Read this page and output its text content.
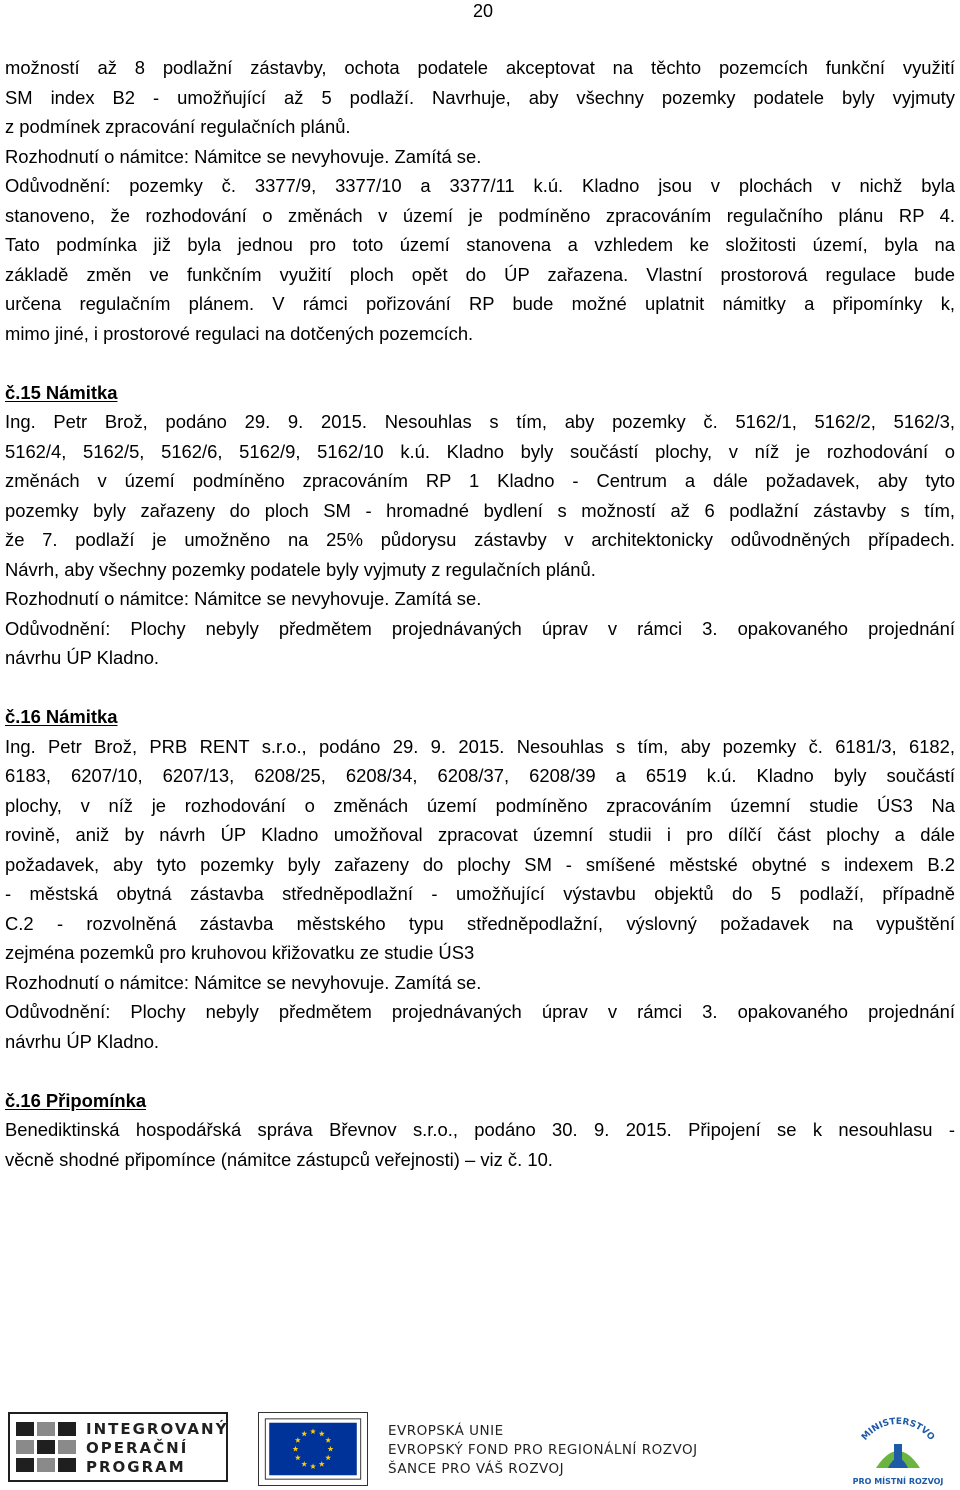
20
možností až 8 podlažní zástavby, ochota podatele akceptovat na těchto pozemcích funkční využití
SM index B2 - umožňující až 5 podlaží. Navrhuje, aby všechny pozemky podatele byly vyjmuty
z podmínek zpracování regulačních plánů.
Rozhodnutí o námitce: Námitce se nevyhovuje. Zamítá se.
Odůvodnění: pozemky č. 3377/9, 3377/10 a 3377/11 k.ú. Kladno jsou v plochách v nichž byla
stanoveno, že rozhodování o změnách v území je podmíněno zpracováním regulačního plánu RP 4.
Tato podmínka již byla jednou pro toto území stanovena a vzhledem ke složitosti území, byla na
základě změn ve funkčním využití ploch opět do ÚP zařazena. Vlastní prostorová regulace bude
určena regulačním plánem. V rámci pořizování RP bude možné uplatnit námitky a připomínky k,
mimo jiné, i prostorové regulaci na dotčených pozemcích.
č.15 Námitka
Ing. Petr Brož, podáno 29. 9. 2015. Nesouhlas s tím, aby pozemky č. 5162/1, 5162/2, 5162/3,
5162/4, 5162/5, 5162/6, 5162/9, 5162/10 k.ú. Kladno byly součástí plochy, v níž je rozhodování o
změnách v území podmíněno zpracováním RP 1 Kladno - Centrum a dále požadavek, aby tyto
pozemky byly zařazeny do ploch SM - hromadné bydlení s možností až 6 podlažní zástavby s tím,
že 7. podlaží je umožněno na 25% půdorysu zástavby v architektonicky odůvodněných případech.
Návrh, aby všechny pozemky podatele byly vyjmuty z regulačních plánů.
Rozhodnutí o námitce: Námitce se nevyhovuje. Zamítá se.
Odůvodnění: Plochy nebyly předmětem projednávaných úprav v rámci 3. opakovaného projednání
návrhu ÚP Kladno.
č.16 Námitka
Ing. Petr Brož, PRB RENT s.r.o., podáno 29. 9. 2015. Nesouhlas s tím, aby pozemky č. 6181/3, 6182,
6183, 6207/10, 6207/13, 6208/25, 6208/34, 6208/37, 6208/39 a 6519 k.ú. Kladno byly součástí
plochy, v níž je rozhodování o změnách území podmíněno zpracováním územní studie ÚS3 Na
rovině, aniž by návrh ÚP Kladno umožňoval zpracovat územní studii i pro dílčí část plochy a dále
požadavek, aby tyto pozemky byly zařazeny do plochy SM - smíšené městské obytné s indexem B.2
- městská obytná zástavba středněpodlažní - umožňující výstavbu objektů do 5 podlaží, případně
C.2 - rozvolněná zástavba městského typu středněpodlažní, výslovný požadavek na vypuštění
zejména pozemků pro kruhovou křižovatku ze studie ÚS3
Rozhodnutí o námitce: Námitce se nevyhovuje. Zamítá se.
Odůvodnění: Plochy nebyly předmětem projednávaných úprav v rámci 3. opakovaného projednání
návrhu ÚP Kladno.
č.16 Připomínka
Benediktinská hospodářská správa Břevnov s.r.o., podáno 30. 9. 2015. Připojení se k nesouhlasu -
věcně shodné připomínce (námitce zástupců veřejnosti) – viz č. 10.
INTEGROVANÝ
OPERAČNÍ
PROGRAM
EVROPSKÁ UNIE
EVROPSKÝ FOND PRO REGIONÁLNÍ ROZVOJ
ŠANCE PRO VÁŠ ROZVOJ
MINISTERSTVO
PRO MÍSTNÍ ROZVOJ
